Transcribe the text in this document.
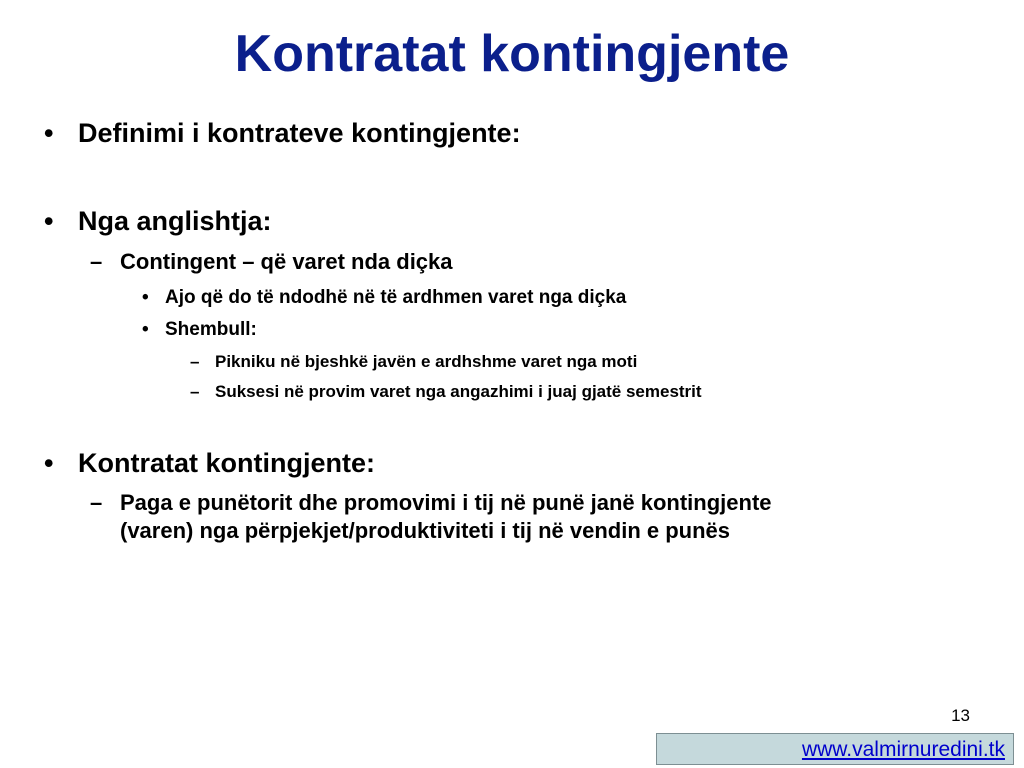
Kontratat kontingjente
• Definimi i kontrateve kontingjente:
• Nga anglishtja:
– Contingent – që varet nda diçka
• Ajo që do të ndodhë në të ardhmen varet nga diçka
• Shembull:
– Pikniku në bjeshkë javën e ardhshme varet nga moti
– Suksesi në provim varet nga angazhimi i juaj gjatë semestrit
• Kontratat kontingjente:
– Paga e punëtorit dhe promovimi i tij në punë janë kontingjente
(varen) nga përpjekjet/produktiviteti i tij në vendin e punës
13
www.valmirnuredini.tk
